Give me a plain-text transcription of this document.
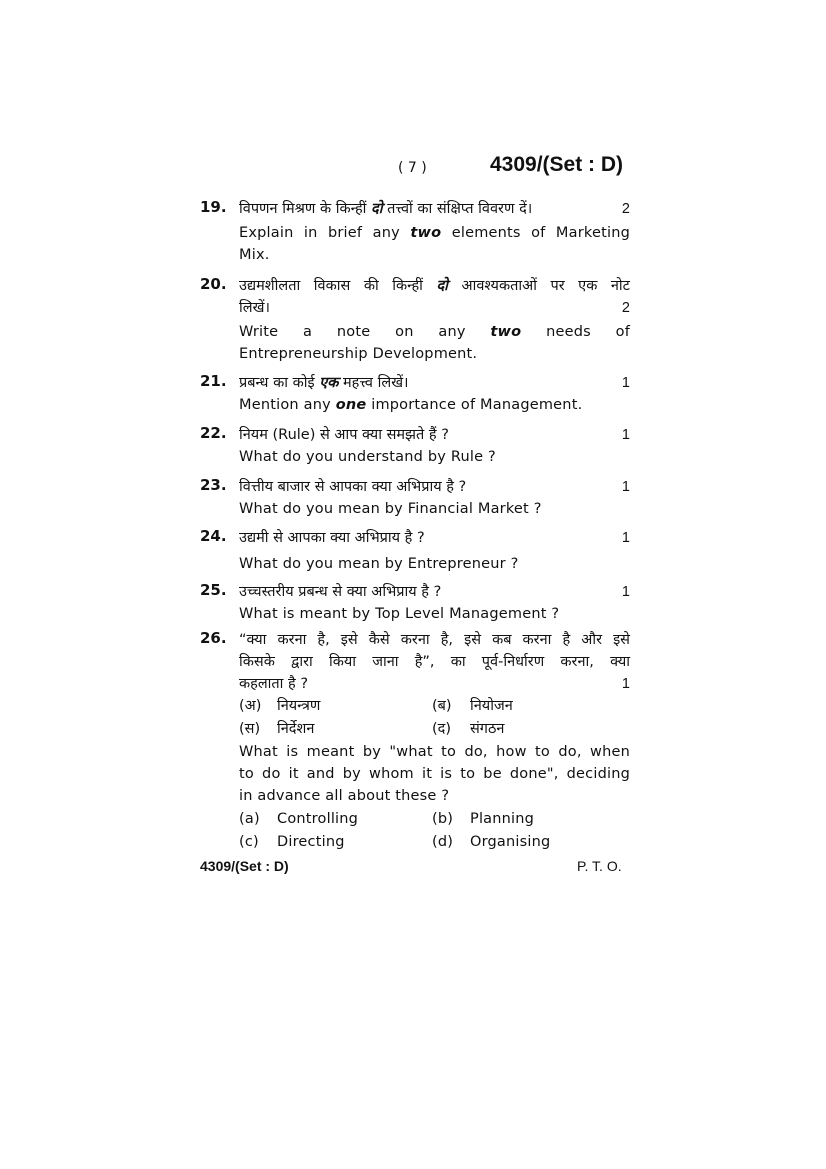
( 7 )	4309/(Set : D)
19. विपणन मिश्रण के किन्हीं दो तत्त्वों का संक्षिप्त विवरण दें।	2
Explain in brief any two elements of Marketing
Mix.
20. उद्यमशीलता विकास की किन्हीं दो आवश्यकताओं पर एक नोट
लिखें।	2
Write a note on any two needs of
Entrepreneurship Development.
21. प्रबन्ध का कोई एक महत्त्व लिखें।	1
Mention any one importance of Management.
22. नियम (Rule) से आप क्या समझते हैं ?	1
What do you understand by Rule ?
23. वित्तीय बाजार से आपका क्या अभिप्राय है ?	1
What do you mean by Financial Market ?
24. उद्यमी से आपका क्या अभिप्राय है ?	1
What do you mean by Entrepreneur ?
25. उच्चस्तरीय प्रबन्ध से क्या अभिप्राय है ?	1
What is meant by Top Level Management ?
26. “क्या करना है, इसे कैसे करना है, इसे कब करना है और इसे
किसके द्वारा किया जाना है”, का पूर्व-निर्धारण करना, क्या
कहलाता है ?	1
(अ) नियन्त्रण	(ब) नियोजन
(स) निर्देशन	(द) संगठन
What is meant by "what to do, how to do, when
to do it and by whom it is to be done", deciding
in advance all about these ?
(a) Controlling	(b) Planning
(c) Directing	(d) Organising
4309/(Set : D)	P. T. O.
